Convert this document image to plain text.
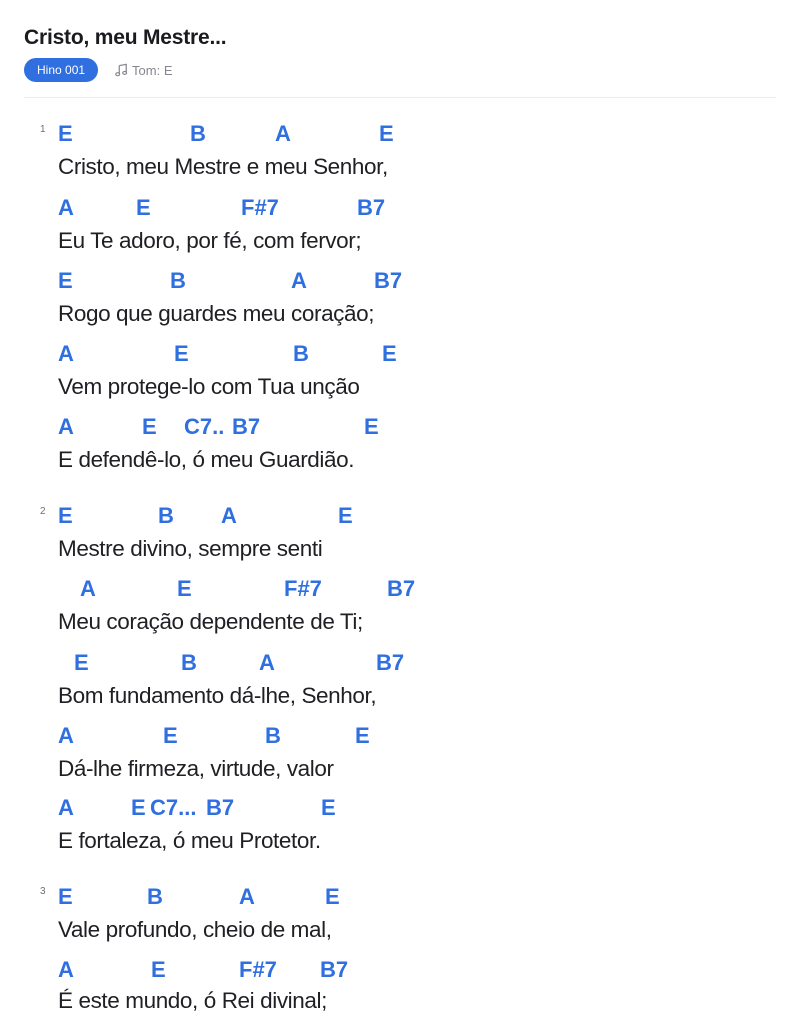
Cristo, meu Mestre...
Hino 001	Tom: E
1 E	B	A	E
Cristo, meu Mestre e meu Senhor,
A	E	F#7	B7
Eu Te adoro, por fé, com fervor;
E	B	A	B7
Rogo que guardes meu coração;
A	E	B	E
Vem protege-lo com Tua unção
A	E C7.. B7	E
E defendê-lo, ó meu Guardião.
2 E	B A	E
Mestre divino, sempre senti
A	E	F#7	B7
Meu coração dependente de Ti;
E	B	A	B7
Bom fundamento dá-lhe, Senhor,
A	E	B	E
Dá-lhe firmeza, virtude, valor
A	E C7... B7	E
E fortaleza, ó meu Protetor.
3 E	B	A	E
Vale profundo, cheio de mal,
A	E	F#7 B7
É este mundo, ó Rei divinal;
